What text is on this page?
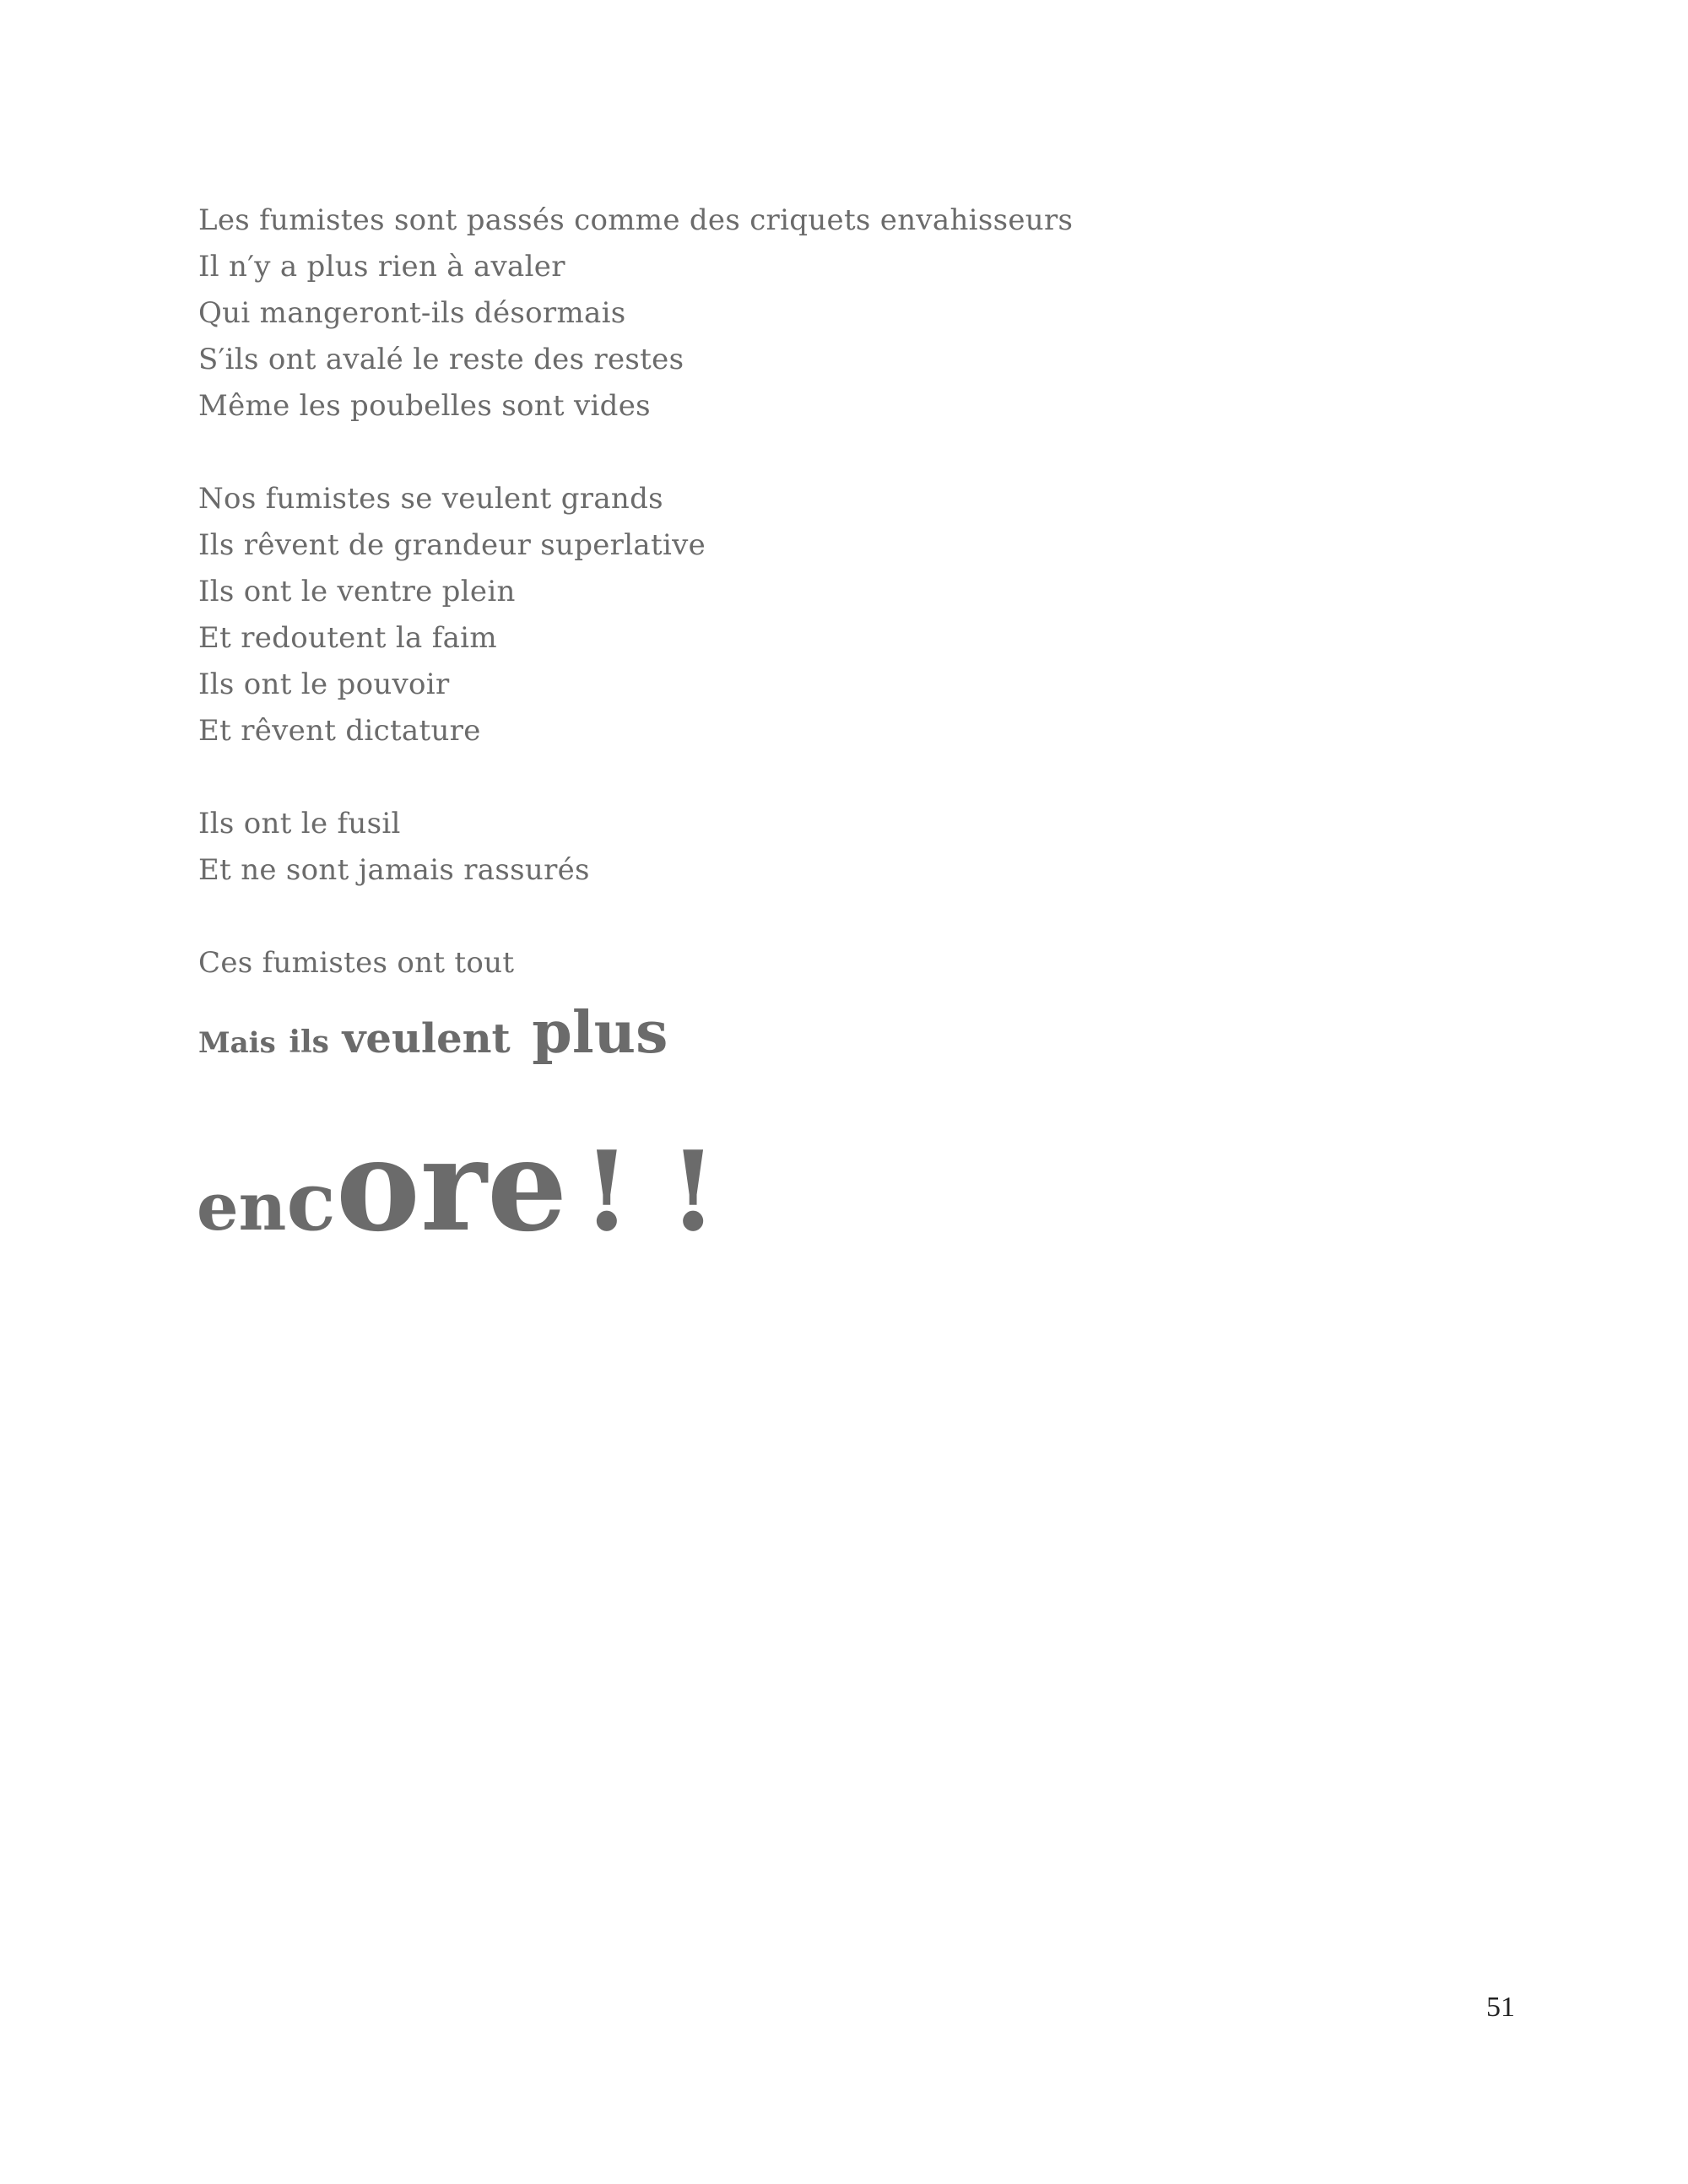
Les fumistes sont passés comme des criquets envahisseurs
Il n′y a plus rien à avaler
Qui mangeront-ils désormais
S′ils ont avalé le reste des restes
Même les poubelles sont vides
Nos fumistes se veulent grands
Ils rêvent de grandeur superlative
Ils ont le ventre plein
Et redoutent la faim
Ils ont le pouvoir
Et rêvent dictature
Ils ont le fusil
Et ne sont jamais rassurés
Ces fumistes ont tout
Mais ils veulent plus
encore ! !
51
